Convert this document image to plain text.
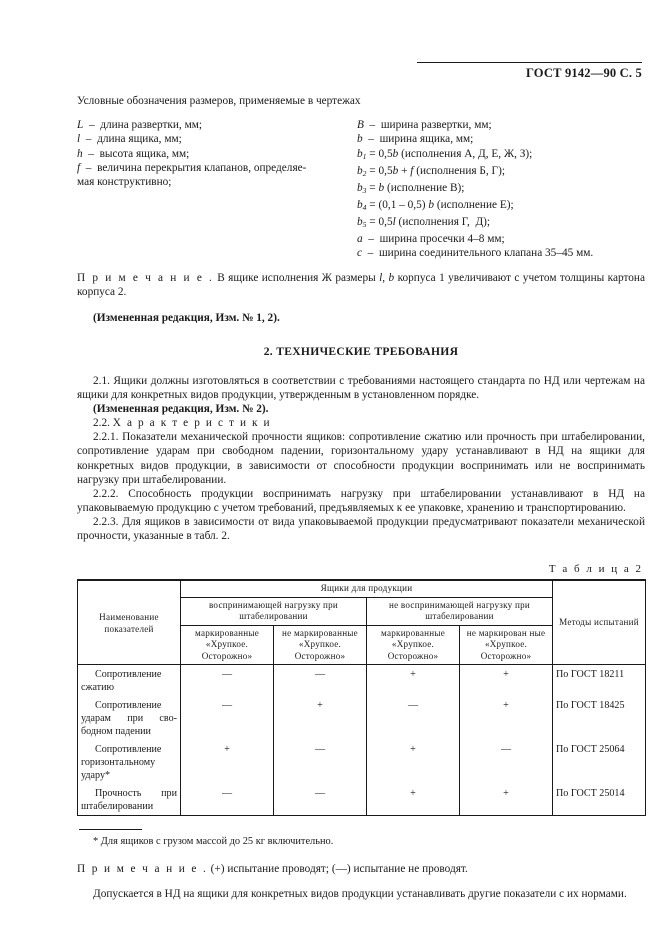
ГОСТ 9142—90 С. 5

Условные обозначения размеров, применяемые в чертежах

L  –  длина развертки, мм;
l  –  длина ящика, мм;
h  –  высота ящика, мм;
f  –  величина перекрытия клапанов, определяе-
мая конструктивно;
B  –  ширина развертки, мм;
b  –  ширина ящика, мм;
$b_1 = 0,5b$ (исполнения А, Д, Е, Ж, З);
$b_2 = 0,5b + f$ (исполнения Б, Г);
$b_3 = b$ (исполнение В);
$b_4 = (0,1 - 0,5)$ b (исполнение Е);
$b_5 = 0,5l$ (исполнения Г,  Д);
a  –  ширина просечки 4–8 мм;
c  –  ширина соединительного клапана 35–45 мм.

П р и м е ч а н и е . В ящике исполнения Ж размеры l, b корпуса 1 увеличивают с учетом толщины картона корпуса 2.

(Измененная редакция, Изм. № 1, 2).

2. ТЕХНИЧЕСКИЕ ТРЕБОВАНИЯ

2.1. Ящики должны изготовляться в соответствии с требованиями настоящего стандарта по НД или чертежам на ящики для конкретных видов продукции, утвержденным в установленном порядке.

(Измененная редакция, Изм. № 2).

2.2. Х а р а к т е р и с т и к и

2.2.1. Показатели механической прочности ящиков: сопротивление сжатию или прочность при штабелировании, сопротивление ударам при свободном падении, горизонтальному удару устанавливают в НД на ящики для конкретных видов продукции, в зависимости от способности продукции воспринимать или не воспринимать нагрузку при штабелировании.

2.2.2. Способность продукции воспринимать нагрузку при штабелировании устанавливают в НД на упаковываемую продукцию с учетом требований, предъявляемых к ее упаковке, хранению и транспортированию.

2.2.3. Для ящиков в зависимости от вида упаковываемой продукции предусматривают показатели механической прочности, указанные в табл. 2.

Т а б л и ц а 2
Наименование показателей	Ящики для продукции				Методы испытаний
	воспринимающей нагрузку при штабелировании		не воспринимающей нагрузку при штабелировании		
	маркированные «Хрупкое. Осторожно»	не маркированные «Хрупкое. Осторожно»	маркированные «Хрупкое. Осторожно»	не маркирован ные «Хрупкое. Осторожно»	
Сопротивление сжатию	—	—	+	+	По ГОСТ 18211
Сопротивление ударам при сво-бодном падении	—	+	—	+	По ГОСТ 18425
Сопротивление горизонтальному удару*	+	—	+	—	По ГОСТ 25064
Прочность при штабелировании	—	—	+	+	По ГОСТ 25014

* Для ящиков с грузом массой до 25 кг включительно.

П р и м е ч а н и е . (+) испытание проводят; (—) испытание не проводят.

Допускается в НД на ящики для конкретных видов продукции устанавливать другие показатели с их нормами.
